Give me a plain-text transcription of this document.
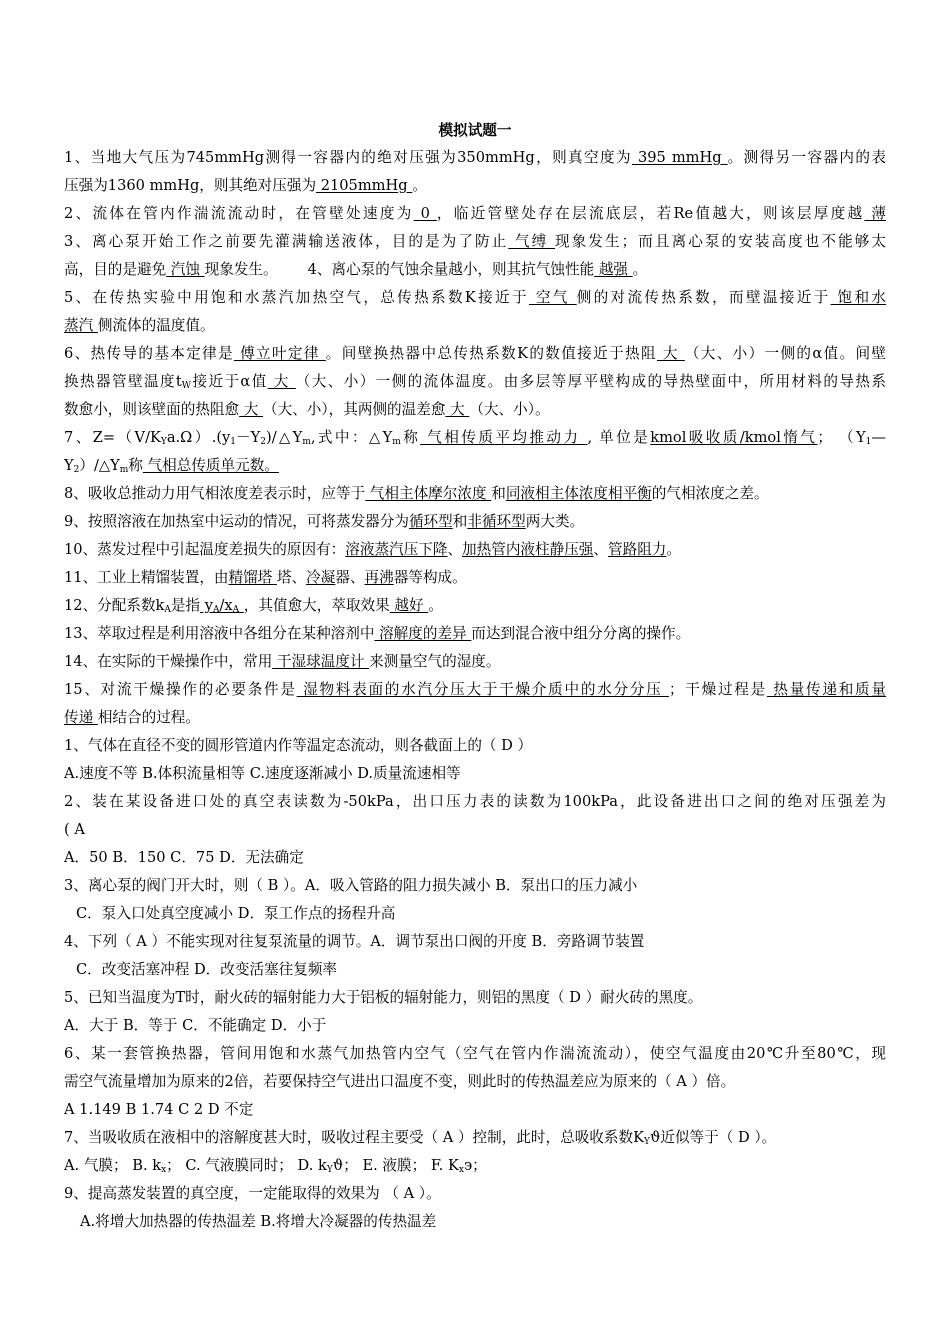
模拟试题一
1、当地大气压为745mmHg测得一容器内的绝对压强为350mmHg，则真空度为 395 mmHg 。测得另一容器内的表
压强为1360 mmHg，则其绝对压强为 2105mmHg 。
2、流体在管内作湍流流动时，在管壁处速度为 0 ，临近管壁处存在层流底层，若Re值越大，则该层厚度越 薄
3、离心泵开始工作之前要先灌满输送液体，目的是为了防止 气缚 现象发生；而且离心泵的安装高度也不能够太
高，目的是避免 汽蚀 现象发生。 4、离心泵的气蚀余量越小，则其抗气蚀性能 越强 。
5、在传热实验中用饱和水蒸汽加热空气，总传热系数K接近于 空气 侧的对流传热系数，而壁温接近于 饱和水
蒸汽 侧流体的温度值。
6、热传导的基本定律是 傅立叶定律 。间壁换热器中总传热系数K的数值接近于热阻 大 （大、小）一侧的α值。间壁
换热器管壁温度$t_W$接近于α值 大 （大、小）一侧的流体温度。由多层等厚平壁构成的导热壁面中，所用材料的导热系
数愈小，则该壁面的热阻愈 大 （大、小），其两侧的温差愈 大 （大、小）。
7、$Z=(V/K_Ya.\Omega).(y_1-Y_2)/\triangle Y_m$,式中：$\triangle Y_m$称 气相传质平均推动力 , 单位是kmol吸收质/kmol惰气； （$Y_1—$
$Y_2)/\triangle Y_m$称 气相总传质单元数。
8、吸收总推动力用气相浓度差表示时，应等于 气相主体摩尔浓度 和同液相主体浓度相平衡的气相浓度之差。
9、按照溶液在加热室中运动的情况，可将蒸发器分为循环型和非循环型两大类。
10、蒸发过程中引起温度差损失的原因有：溶液蒸汽压下降、加热管内液柱静压强、管路阻力。
11、工业上精馏装置，由精馏塔 塔、冷凝器、再沸器等构成。
12、分配系数$k_A$是指 $y_A/x_A$ ，其值愈大，萃取效果 越好 。
13、萃取过程是利用溶液中各组分在某种溶剂中 溶解度的差异 而达到混合液中组分分离的操作。
14、在实际的干燥操作中，常用 干湿球温度计 来测量空气的湿度。
15、对流干燥操作的必要条件是 湿物料表面的水汽分压大于干燥介质中的水分分压 ；干燥过程是 热量传递和质量
传递 相结合的过程。
1、气体在直径不变的圆形管道内作等温定态流动，则各截面上的（ D ）
A.速度不等 B.体积流量相等 C.速度逐渐减小 D.质量流速相等
2、装在某设备进口处的真空表读数为-50kPa，出口压力表的读数为100kPa，此设备进出口之间的绝对压强差为
( A
A．50 B．150 C．75 D．无法确定
3、离心泵的阀门开大时，则（ B ）。A．吸入管路的阻力损失减小 B．泵出口的压力减小
C．泵入口处真空度减小 D．泵工作点的扬程升高
4、下列（ A ）不能实现对往复泵流量的调节。A．调节泵出口阀的开度 B．旁路调节装置
C．改变活塞冲程 D．改变活塞往复频率
5、已知当温度为T时，耐火砖的辐射能力大于铝板的辐射能力，则铝的黑度（ D ）耐火砖的黑度。
A．大于 B．等于 C．不能确定 D．小于
6、某一套管换热器，管间用饱和水蒸气加热管内空气（空气在管内作湍流流动），使空气温度由20℃升至80℃，现
需空气流量增加为原来的2倍，若要保持空气进出口温度不变，则此时的传热温差应为原来的（ A ）倍。
A 1.149 B 1.74 C 2 D 不定
7、当吸收质在液相中的溶解度甚大时，吸收过程主要受（ A ）控制，此时，总吸收系数$K_Yϑ$近似等于（ D ）。
A. 气膜； B. $k_x$； C. 气液膜同时； D. $k_Yϑ$； E. 液膜； F. $K_x϶$；
9、提高蒸发装置的真空度，一定能取得的效果为 （ A ）。
A.将增大加热器的传热温差 B.将增大冷凝器的传热温差
